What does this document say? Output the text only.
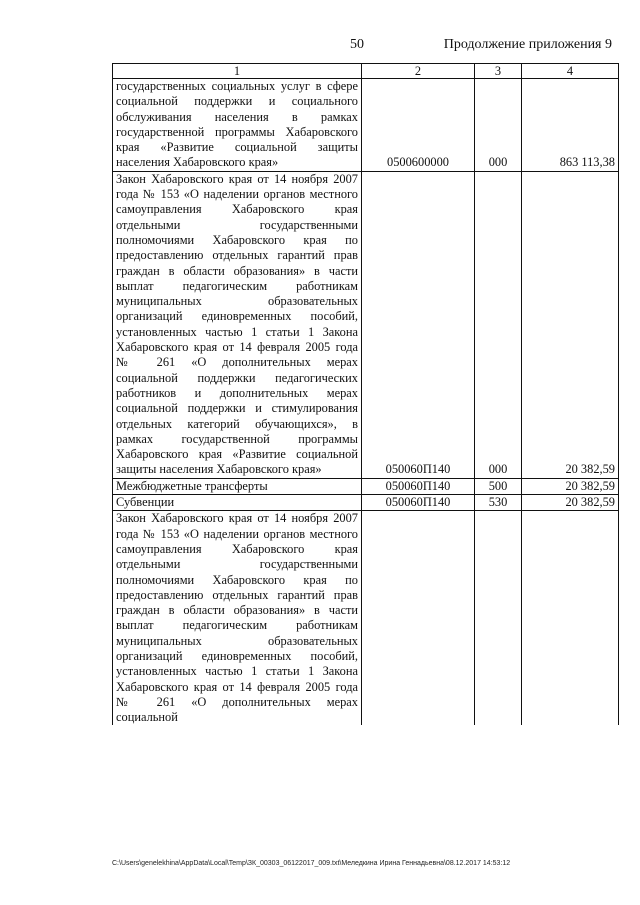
50	Продолжение приложения 9
1	2	3	4
государственных социальных услуг в сфере социальной поддержки и социального обслуживания населения в рамках государственной программы Хабаровского края «Развитие социальной защиты населения Хабаровского края»	0500600000	000	863 113,38
Закон Хабаровского края от 14 ноября 2007 года № 153 «О наделении органов местного самоуправления Хабаровского края отдельными государственными полномочиями Хабаровского края по предоставлению отдельных гарантий прав граждан в области образования» в части выплат педагогическим работникам муниципальных образовательных организаций единовременных пособий, установленных частью 1 статьи 1 Закона Хабаровского края от 14 февраля 2005 года № 261 «О дополнительных мерах социальной поддержки педагогических работников и дополнительных мерах социальной поддержки и стимулирования отдельных категорий обучающихся», в рамках государственной программы Хабаровского края «Развитие социальной защиты населения Хабаровского края»	050060П140	000	20 382,59
Межбюджетные трансферты	050060П140	500	20 382,59
Субвенции	050060П140	530	20 382,59
Закон Хабаровского края от 14 ноября 2007 года № 153 «О наделении органов местного самоуправления Хабаровского края отдельными государственными полномочиями Хабаровского края по предоставлению отдельных гарантий прав граждан в области образования» в части выплат педагогическим работникам муниципальных образовательных организаций единовременных пособий, установленных частью 1 статьи 1 Закона Хабаровского края от 14 февраля 2005 года № 261 «О дополнительных мерах социальной			
C:\Users\genelekhina\AppData\Local\Temp\ЗК_00303_06122017_009.txt\Меледкина Ирина Геннадьевна\08.12.2017 14:53:12
